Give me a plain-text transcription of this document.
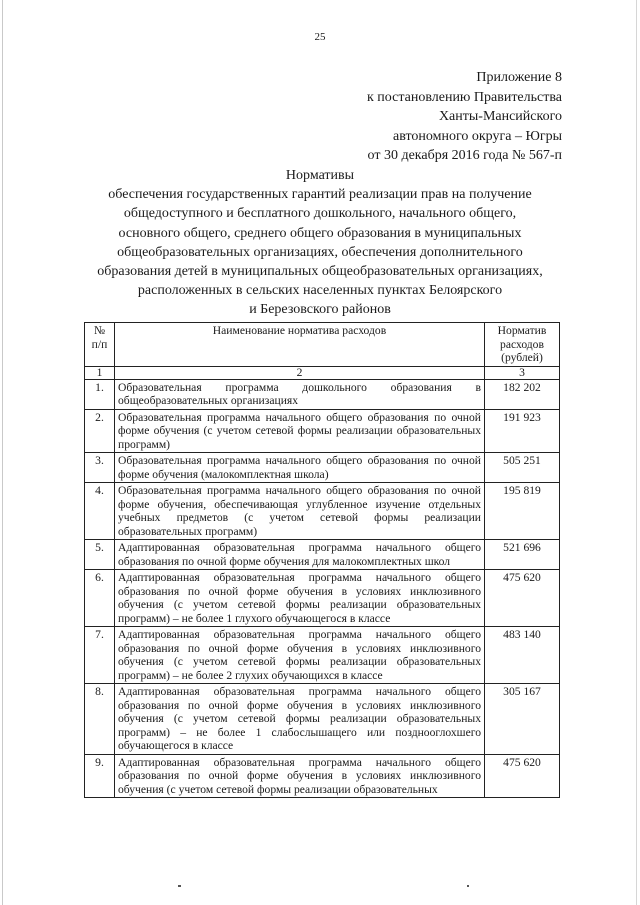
25
Приложение 8
к постановлению Правительства
Ханты-Мансийского
автономного округа – Югры
от 30 декабря 2016 года № 567-п
Нормативы
обеспечения государственных гарантий реализации прав на получение
общедоступного и бесплатного дошкольного, начального общего,
основного общего, среднего общего образования в муниципальных
общеобразовательных организациях, обеспечения дополнительного
образования детей в муниципальных общеобразовательных организациях,
расположенных в сельских населенных пунктах Белоярского
и Березовского районов
№ п/п	Наименование норматива расходов	Норматив расходов (рублей)
1	2	3
1.	Образовательная программа дошкольного образования в общеобразовательных организациях	182 202
2.	Образовательная программа начального общего образования по очной форме обучения (с учетом сетевой формы реализации образовательных программ)	191 923
3.	Образовательная программа начального общего образования по очной форме обучения (малокомплектная школа)	505 251
4.	Образовательная программа начального общего образования по очной форме обучения, обеспечивающая углубленное изучение отдельных учебных предметов (с учетом сетевой формы реализации образовательных программ)	195 819
5.	Адаптированная образовательная программа начального общего образования по очной форме обучения для малокомплектных школ	521 696
6.	Адаптированная образовательная программа начального общего образования по очной форме обучения в условиях инклюзивного обучения (с учетом сетевой формы реализации образовательных программ) – не более 1 глухого обучающегося в классе	475 620
7.	Адаптированная образовательная программа начального общего образования по очной форме обучения в условиях инклюзивного обучения (с учетом сетевой формы реализации образовательных программ) – не более 2 глухих обучающихся в классе	483 140
8.	Адаптированная образовательная программа начального общего образования по очной форме обучения в условиях инклюзивного обучения (с учетом сетевой формы реализации образовательных программ) – не более 1 слабослышащего или позднооглохшего обучающегося в классе	305 167
9.	Адаптированная образовательная программа начального общего образования по очной форме обучения в условиях инклюзивного обучения (с учетом сетевой формы реализации образовательных	475 620
